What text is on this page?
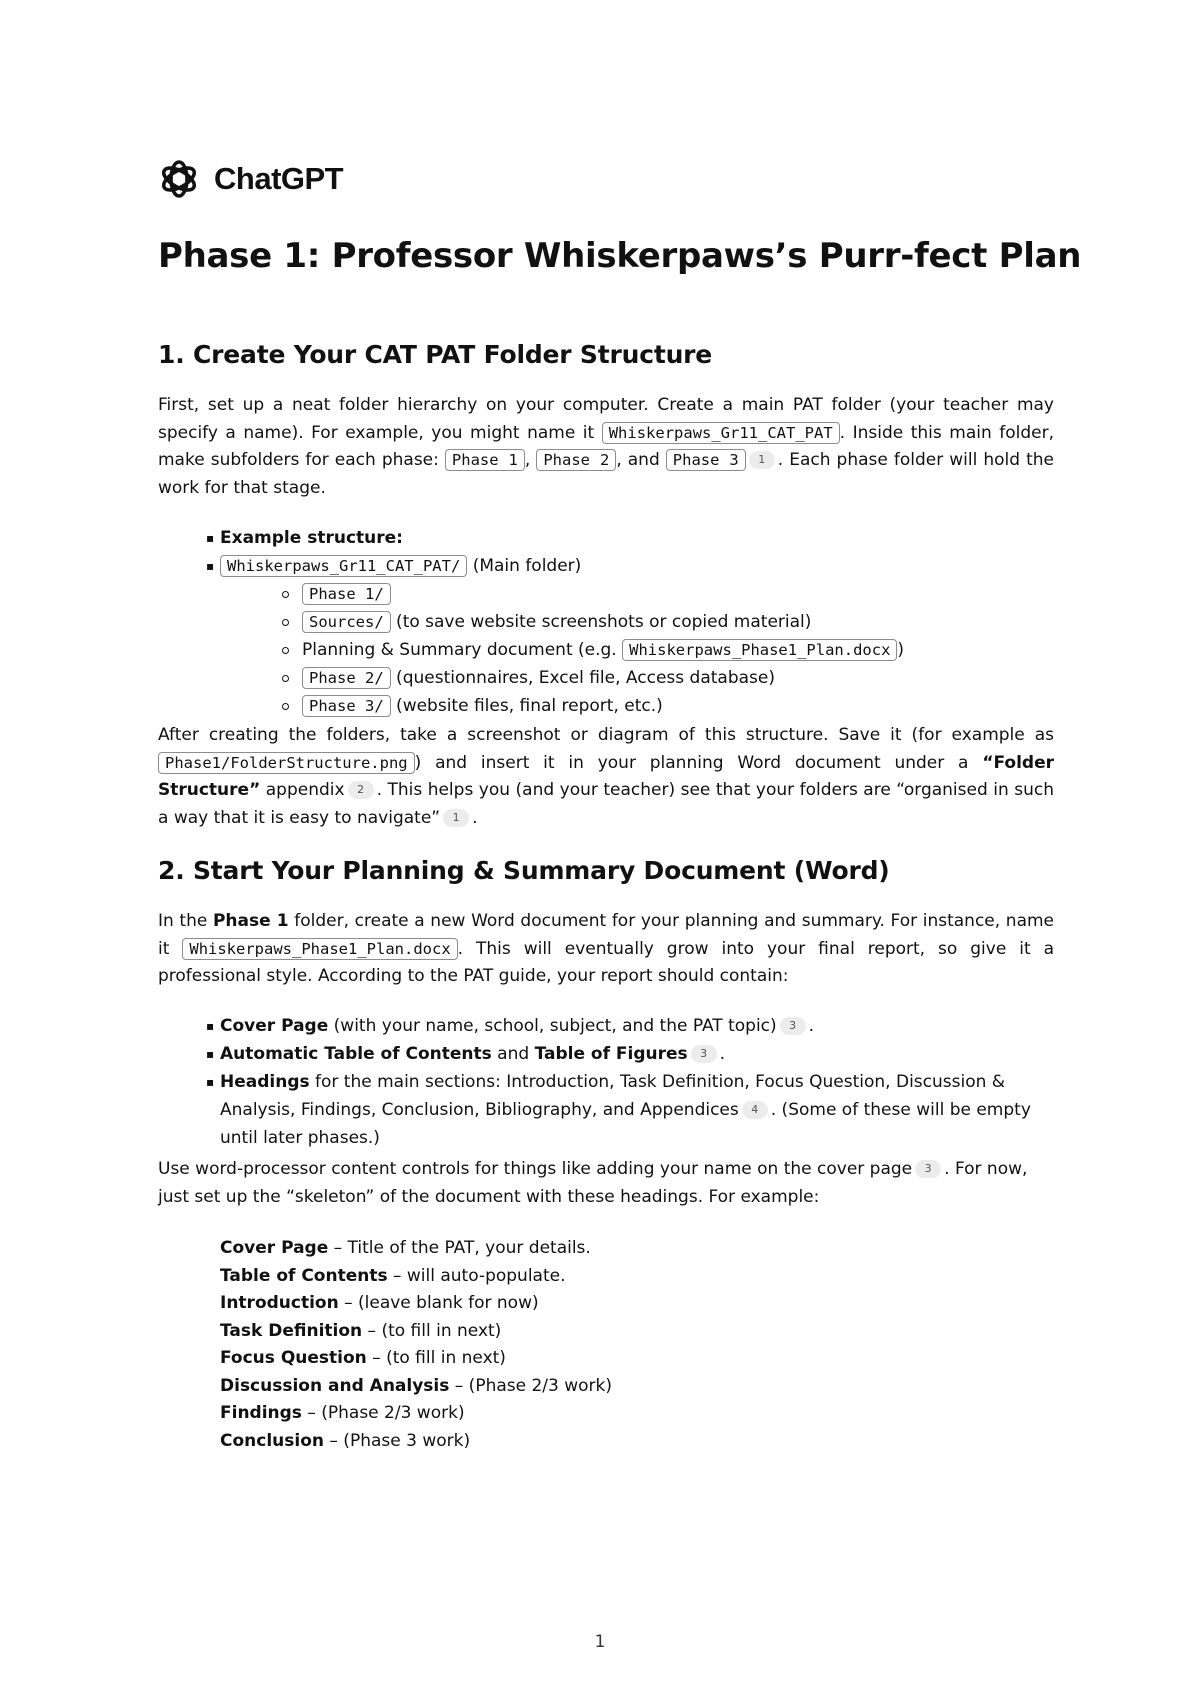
ChatGPT
Phase 1: Professor Whiskerpaws’s Purr-fect Plan
1. Create Your CAT PAT Folder Structure

First, set up a neat folder hierarchy on your computer. Create a main PAT folder (your teacher may specify a name). For example, you might name it Whiskerpaws_Gr11_CAT_PAT . Inside this main folder, make subfolders for each phase: Phase 1 , Phase 2 , and Phase 3 1 . Each phase folder will hold the work for that stage.

▪ Example structure:
▪ Whiskerpaws_Gr11_CAT_PAT/ (Main folder)
Phase 1/
Sources/ (to save website screenshots or copied material)
Planning & Summary document (e.g. Whiskerpaws_Phase1_Plan.docx )
Phase 2/ (questionnaires, Excel file, Access database)
Phase 3/ (website files, final report, etc.)

After creating the folders, take a screenshot or diagram of this structure. Save it (for example as Phase1/FolderStructure.png ) and insert it in your planning Word document under a “Folder Structure” appendix 2 . This helps you (and your teacher) see that your folders are “organised in such a way that it is easy to navigate” 1 .

2. Start Your Planning & Summary Document (Word)

In the Phase 1 folder, create a new Word document for your planning and summary. For instance, name it Whiskerpaws_Phase1_Plan.docx . This will eventually grow into your final report, so give it a professional style. According to the PAT guide, your report should contain:

▪ Cover Page (with your name, school, subject, and the PAT topic) 3 .
▪ Automatic Table of Contents and Table of Figures 3 .
▪ Headings for the main sections: Introduction, Task Definition, Focus Question, Discussion & Analysis, Findings, Conclusion, Bibliography, and Appendices 4 . (Some of these will be empty until later phases.)

Use word-processor content controls for things like adding your name on the cover page 3 . For now, just set up the “skeleton” of the document with these headings. For example:

Cover Page – Title of the PAT, your details.
Table of Contents – will auto-populate.
Introduction – (leave blank for now)
Task Definition – (to fill in next)
Focus Question – (to fill in next)
Discussion and Analysis – (Phase 2/3 work)
Findings – (Phase 2/3 work)
Conclusion – (Phase 3 work)
1
